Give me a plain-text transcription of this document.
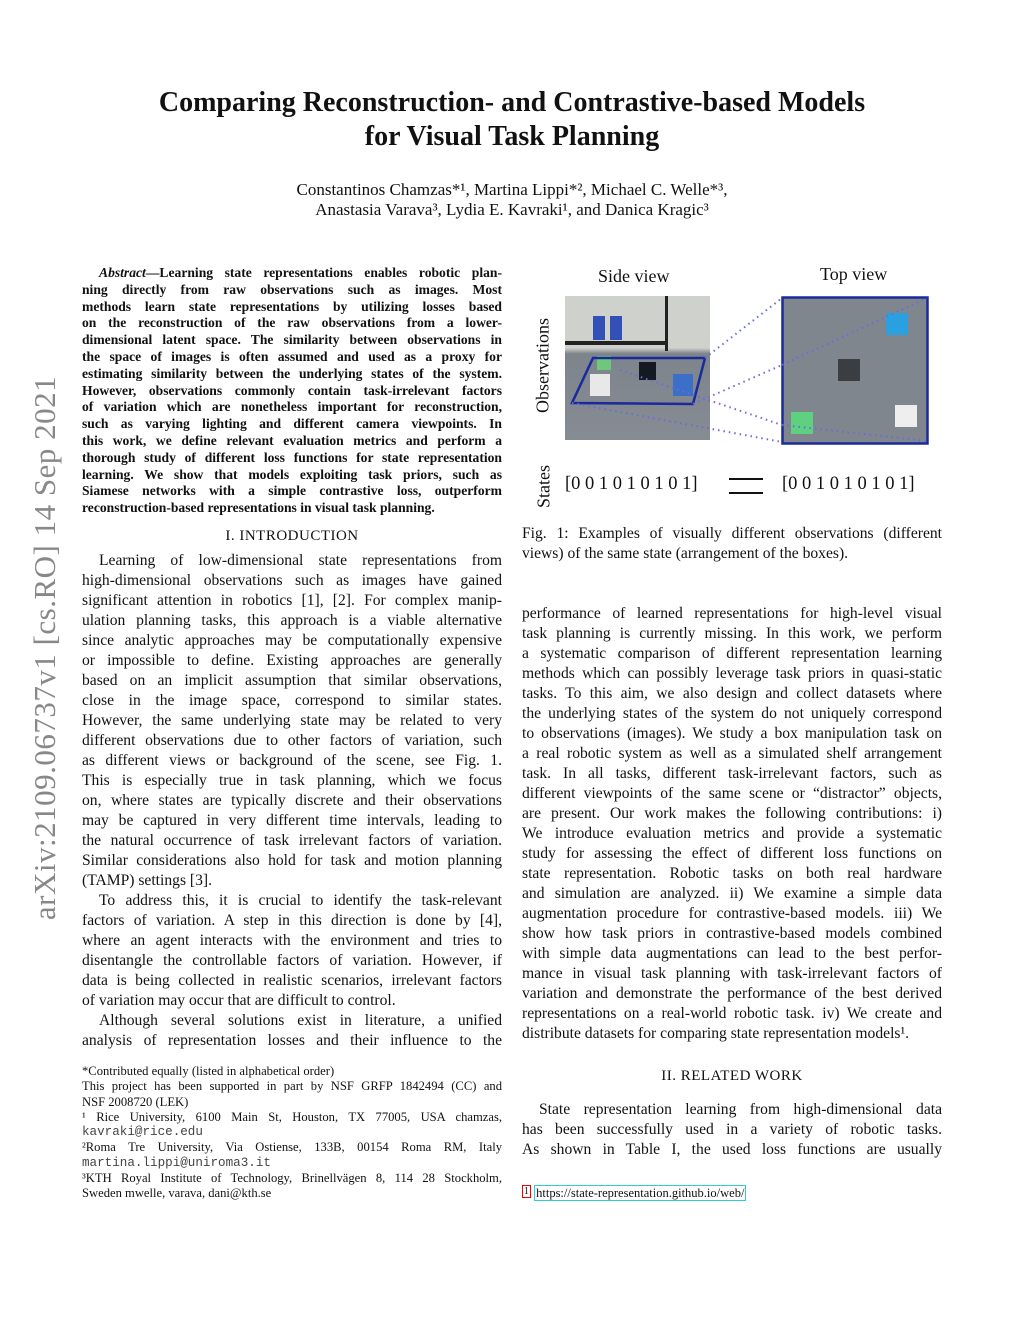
Comparing Reconstruction- and Contrastive-based Models
for Visual Task Planning
Constantinos Chamzas*¹, Martina Lippi*², Michael C. Welle*³,
Anastasia Varava³, Lydia E. Kavraki¹, and Danica Kragic³
arXiv:2109.06737v1 [cs.RO] 14 Sep 2021
Abstract—Learning state representations enables robotic plan-
ning directly from raw observations such as images. Most
methods learn state representations by utilizing losses based
on the reconstruction of the raw observations from a lower-
dimensional latent space. The similarity between observations in
the space of images is often assumed and used as a proxy for
estimating similarity between the underlying states of the system.
However, observations commonly contain task-irrelevant factors
of variation which are nonetheless important for reconstruction,
such as varying lighting and different camera viewpoints. In
this work, we define relevant evaluation metrics and perform a
thorough study of different loss functions for state representation
learning. We show that models exploiting task priors, such as
Siamese networks with a simple contrastive loss, outperform
reconstruction-based representations in visual task planning.
I. INTRODUCTION
Learning of low-dimensional state representations from
high-dimensional observations such as images have gained
significant attention in robotics [1], [2]. For complex manip-
ulation planning tasks, this approach is a viable alternative
since analytic approaches may be computationally expensive
or impossible to define. Existing approaches are generally
based on an implicit assumption that similar observations,
close in the image space, correspond to similar states.
However, the same underlying state may be related to very
different observations due to other factors of variation, such
as different views or background of the scene, see Fig. 1.
This is especially true in task planning, which we focus
on, where states are typically discrete and their observations
may be captured in very different time intervals, leading to
the natural occurrence of task irrelevant factors of variation.
Similar considerations also hold for task and motion planning
(TAMP) settings [3].
To address this, it is crucial to identify the task-relevant
factors of variation. A step in this direction is done by [4],
where an agent interacts with the environment and tries to
disentangle the controllable factors of variation. However, if
data is being collected in realistic scenarios, irrelevant factors
of variation may occur that are difficult to control.
Although several solutions exist in literature, a unified
analysis of representation losses and their influence to the
*Contributed equally (listed in alphabetical order)
This project has been supported in part by NSF GRFP 1842494 (CC) and
NSF 2008720 (LEK)
¹ Rice University, 6100 Main St, Houston, TX 77005, USA chamzas,
kavraki@rice.edu
²Roma Tre University, Via Ostiense, 133B, 00154 Roma RM, Italy
martina.lippi@uniroma3.it
³KTH Royal Institute of Technology, Brinellvägen 8, 114 28 Stockholm,
Sweden mwelle, varava, dani@kth.se
Side view	Top view
Observations
States [0 0 1 0 1 0 1 0 1]	[0 0 1 0 1 0 1 0 1]
Fig. 1: Examples of visually different observations (different
views) of the same state (arrangement of the boxes).
performance of learned representations for high-level visual
task planning is currently missing. In this work, we perform
a systematic comparison of different representation learning
methods which can possibly leverage task priors in quasi-static
tasks. To this aim, we also design and collect datasets where
the underlying states of the system do not uniquely correspond
to observations (images). We study a box manipulation task on
a real robotic system as well as a simulated shelf arrangement
task. In all tasks, different task-irrelevant factors, such as
different viewpoints of the same scene or “distractor” objects,
are present. Our work makes the following contributions: i)
We introduce evaluation metrics and provide a systematic
study for assessing the effect of different loss functions on
state representation. Robotic tasks on both real hardware
and simulation are analyzed. ii) We examine a simple data
augmentation procedure for contrastive-based models. iii) We
show how task priors in contrastive-based models combined
with simple data augmentations can lead to the best perfor-
mance in visual task planning with task-irrelevant factors of
variation and demonstrate the performance of the best derived
representations on a real-world robotic task. iv) We create and
distribute datasets for comparing state representation models¹.
II. RELATED WORK
State representation learning from high-dimensional data
has been successfully used in a variety of robotic tasks.
As shown in Table I, the used loss functions are usually
$^1$ https://state-representation.github.io/web/
